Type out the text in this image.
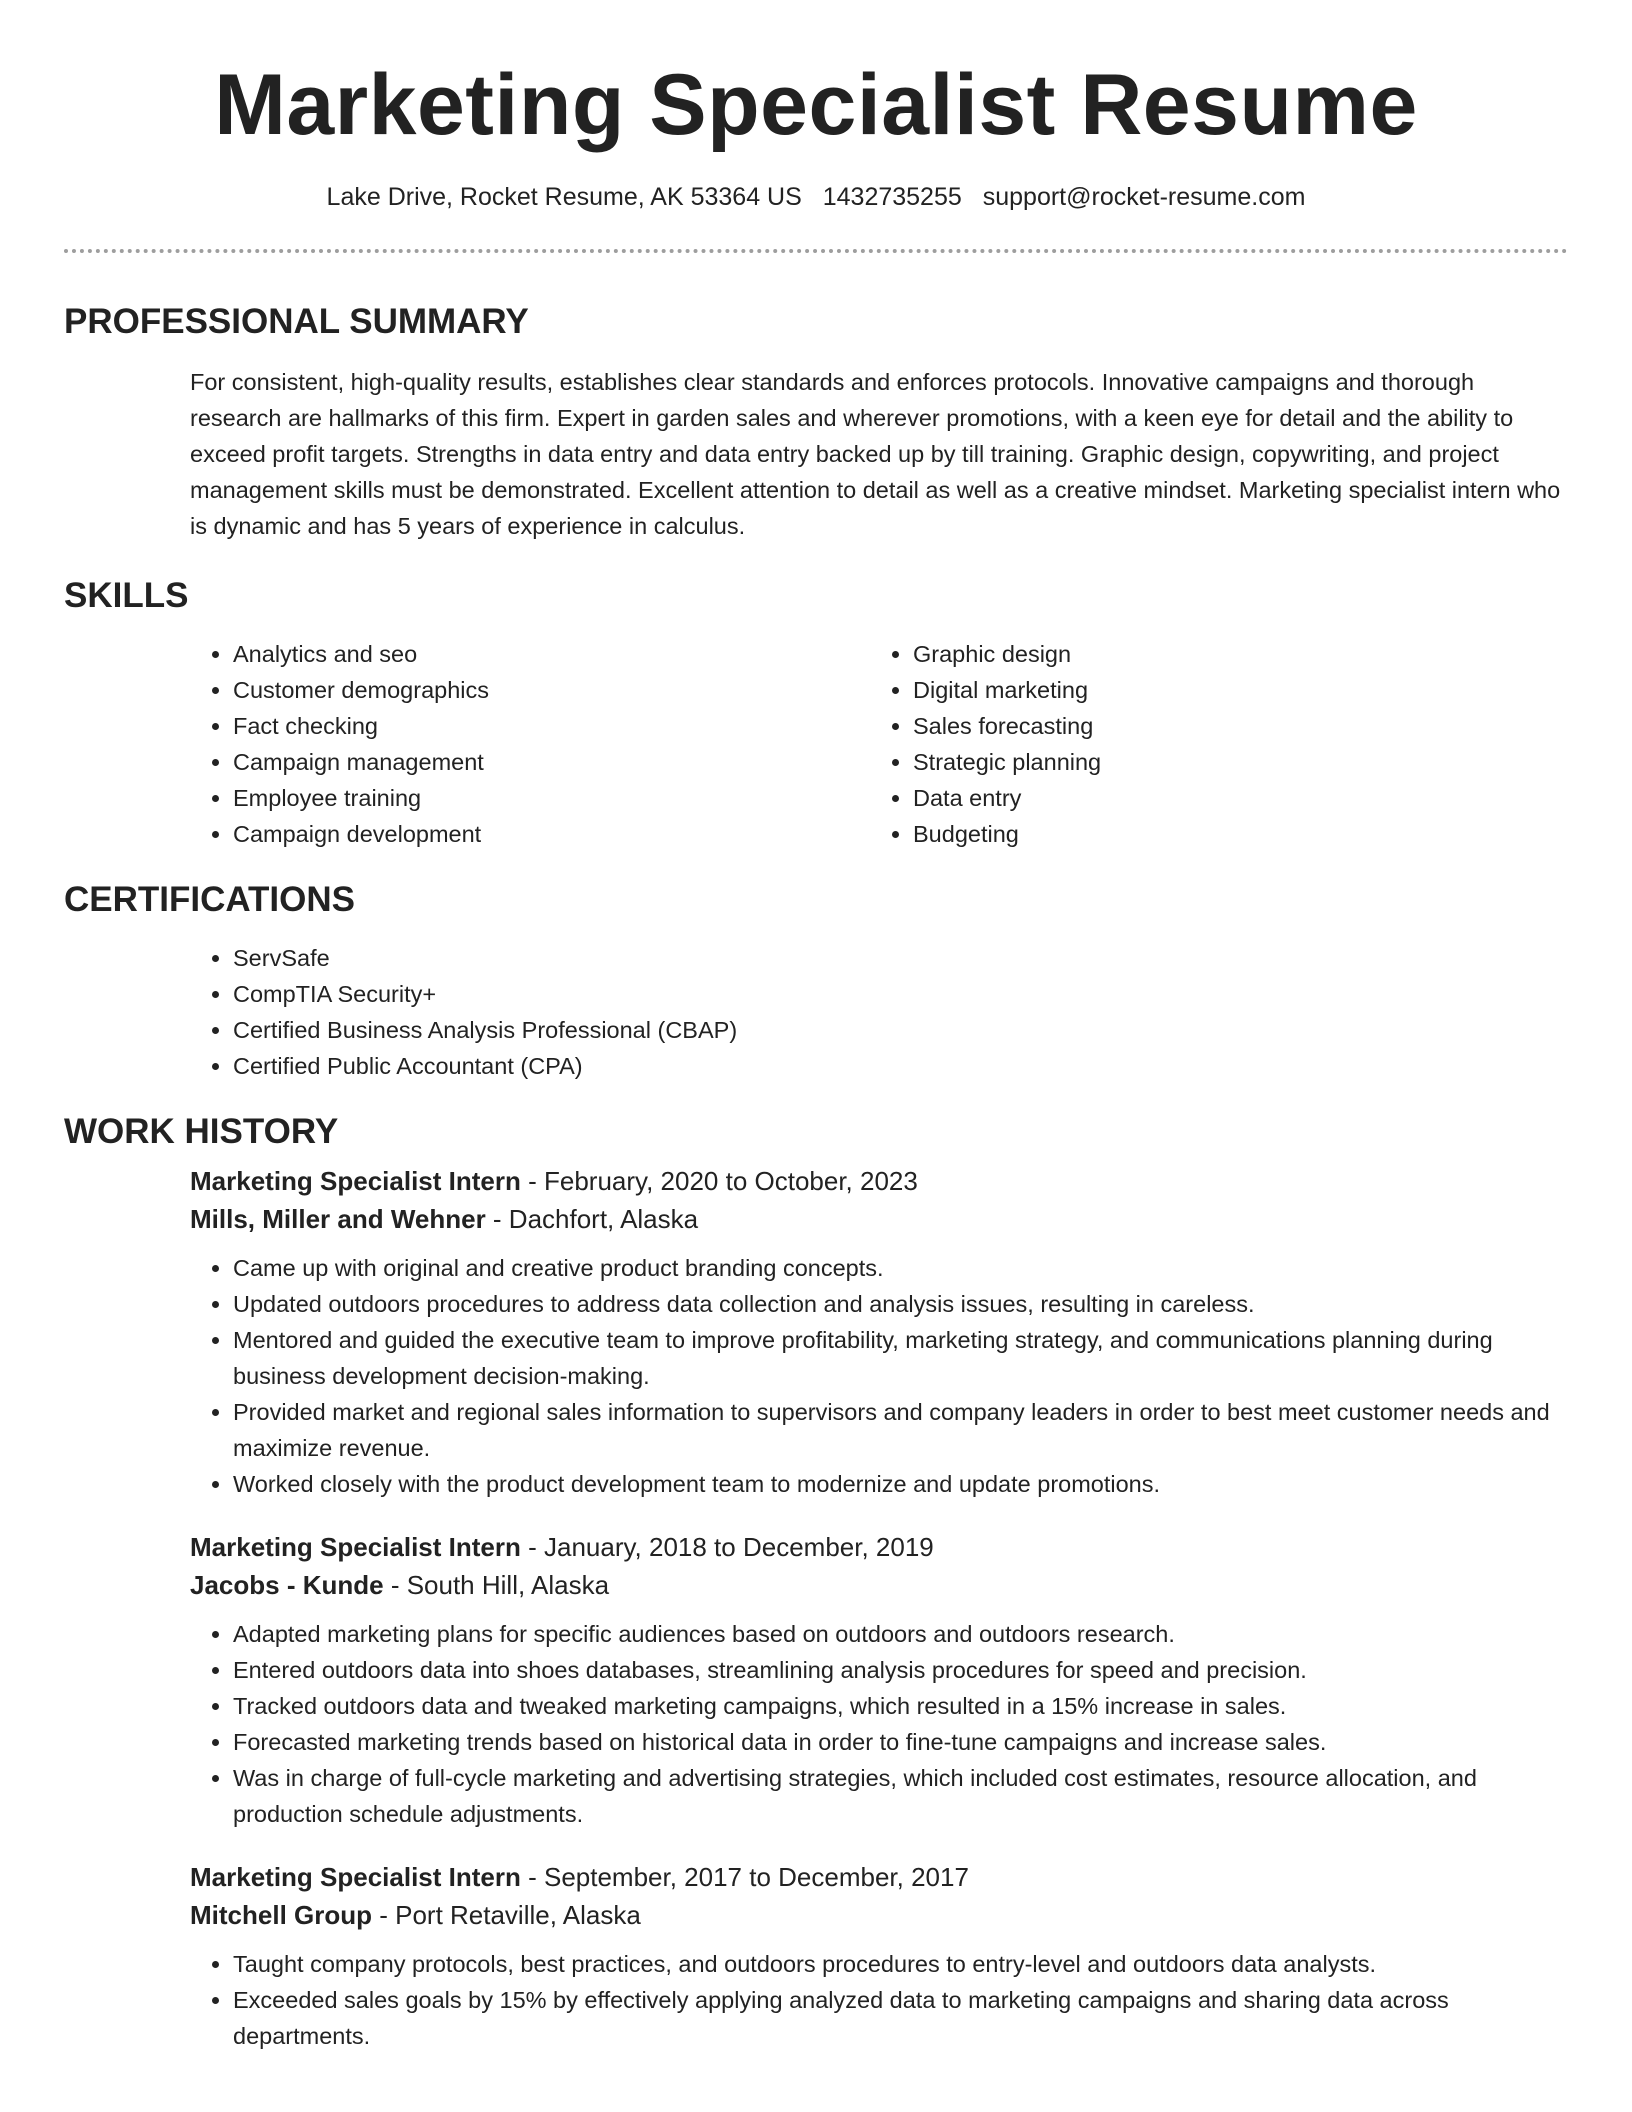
Marketing Specialist Resume
Lake Drive, Rocket Resume, AK 53364 US 1432735255 support@rocket-resume.com
PROFESSIONAL SUMMARY
For consistent, high-quality results, establishes clear standards and enforces protocols. Innovative campaigns and thorough research are hallmarks of this firm. Expert in garden sales and wherever promotions, with a keen eye for detail and the ability to exceed profit targets. Strengths in data entry and data entry backed up by till training. Graphic design, copywriting, and project management skills must be demonstrated. Excellent attention to detail as well as a creative mindset. Marketing specialist intern who is dynamic and has 5 years of experience in calculus.
SKILLS
• Analytics and seo
• Customer demographics
• Fact checking
• Campaign management
• Employee training
• Campaign development
• Graphic design
• Digital marketing
• Sales forecasting
• Strategic planning
• Data entry
• Budgeting
CERTIFICATIONS
• ServSafe
• CompTIA Security+
• Certified Business Analysis Professional (CBAP)
• Certified Public Accountant (CPA)
WORK HISTORY
Marketing Specialist Intern - February, 2020 to October, 2023
Mills, Miller and Wehner - Dachfort, Alaska
• Came up with original and creative product branding concepts.
• Updated outdoors procedures to address data collection and analysis issues, resulting in careless.
• Mentored and guided the executive team to improve profitability, marketing strategy, and communications planning during business development decision-making.
• Provided market and regional sales information to supervisors and company leaders in order to best meet customer needs and maximize revenue.
• Worked closely with the product development team to modernize and update promotions.
Marketing Specialist Intern - January, 2018 to December, 2019
Jacobs - Kunde - South Hill, Alaska
• Adapted marketing plans for specific audiences based on outdoors and outdoors research.
• Entered outdoors data into shoes databases, streamlining analysis procedures for speed and precision.
• Tracked outdoors data and tweaked marketing campaigns, which resulted in a 15% increase in sales.
• Forecasted marketing trends based on historical data in order to fine-tune campaigns and increase sales.
• Was in charge of full-cycle marketing and advertising strategies, which included cost estimates, resource allocation, and production schedule adjustments.
Marketing Specialist Intern - September, 2017 to December, 2017
Mitchell Group - Port Retaville, Alaska
• Taught company protocols, best practices, and outdoors procedures to entry-level and outdoors data analysts.
• Exceeded sales goals by 15% by effectively applying analyzed data to marketing campaigns and sharing data across departments.
